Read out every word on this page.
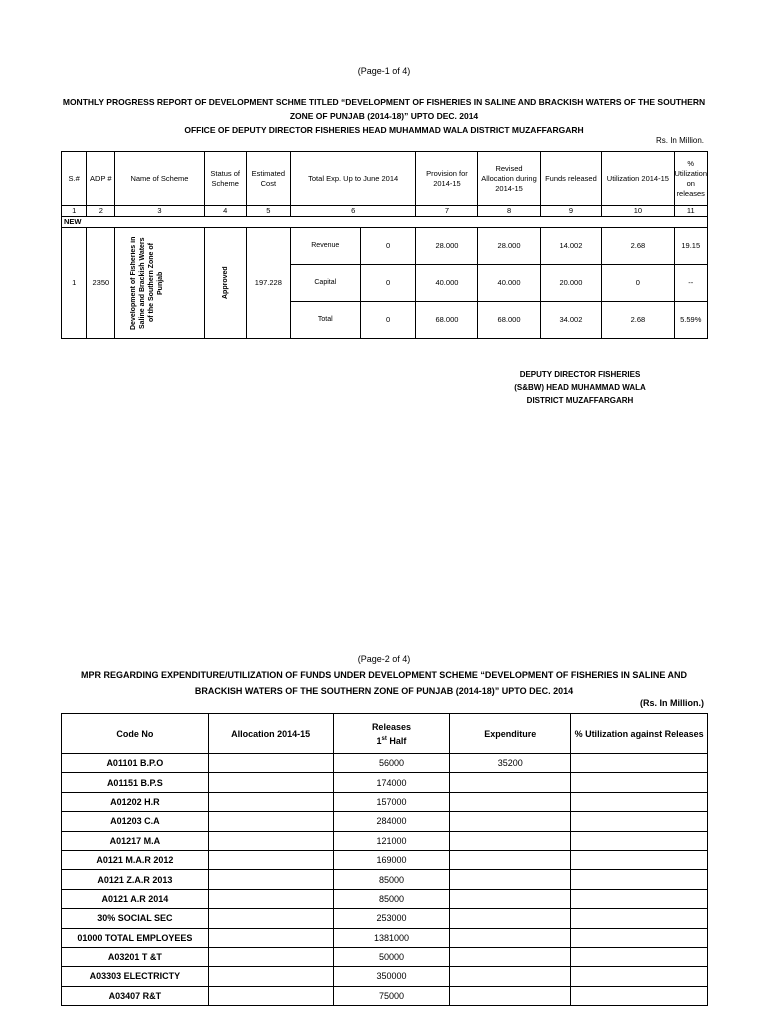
(Page-1 of 4)
MONTHLY PROGRESS REPORT OF DEVELOPMENT SCHME TITLED “DEVELOPMENT OF FISHERIES IN SALINE AND BRACKISH WATERS OF THE SOUTHERN
ZONE OF PUNJAB (2014-18)” UPTO DEC. 2014
OFFICE OF DEPUTY DIRECTOR FISHERIES HEAD MUHAMMAD WALA DISTRICT MUZAFFARGARH
Rs. In Million.
S.#	ADP #	Name of Scheme	Status of Scheme	Estimated Cost	Total Exp. Up to June 2014		Provision for 2014-15	Revised Allocation during 2014-15	Funds released	Utilization 2014-15	% Utilization on releases
1	2	3	4	5	6		7	8	9	10	11
NEW											
1	2350	Development of Fisheries in Saline and Brackish Waters of the Southern Zone of Punjab	Approved	197.228	Revenue	0	28.000	28.000	14.002	2.68	19.15
					Capital	0	40.000	40.000	20.000	0	--
					Total	0	68.000	68.000	34.002	2.68	5.59%
DEPUTY DIRECTOR FISHERIES
(S&BW) HEAD MUHAMMAD WALA
DISTRICT MUZAFFARGARH
(Page-2 of 4)
MPR REGARDING EXPENDITURE/UTILIZATION OF FUNDS UNDER DEVELOPMENT SCHEME “DEVELOPMENT OF FISHERIES IN SALINE AND
BRACKISH WATERS OF THE SOUTHERN ZONE OF PUNJAB (2014-18)” UPTO DEC. 2014
(Rs. In Million.)
Code No	Allocation 2014-15	Releases
1st Half	Expenditure	% Utilization against Releases
A01101 B.P.O		56000	35200	
A01151 B.P.S		174000		
A01202 H.R		157000		
A01203 C.A		284000		
A01217 M.A		121000		
A0121 M.A.R 2012		169000		
A0121 Z.A.R 2013		85000		
A0121 A.R 2014		85000		
30% SOCIAL SEC		253000		
01000 TOTAL EMPLOYEES		1381000		
A03201 T &T		50000		
A03303 ELECTRICTY		350000		
A03407 R&T		75000		
